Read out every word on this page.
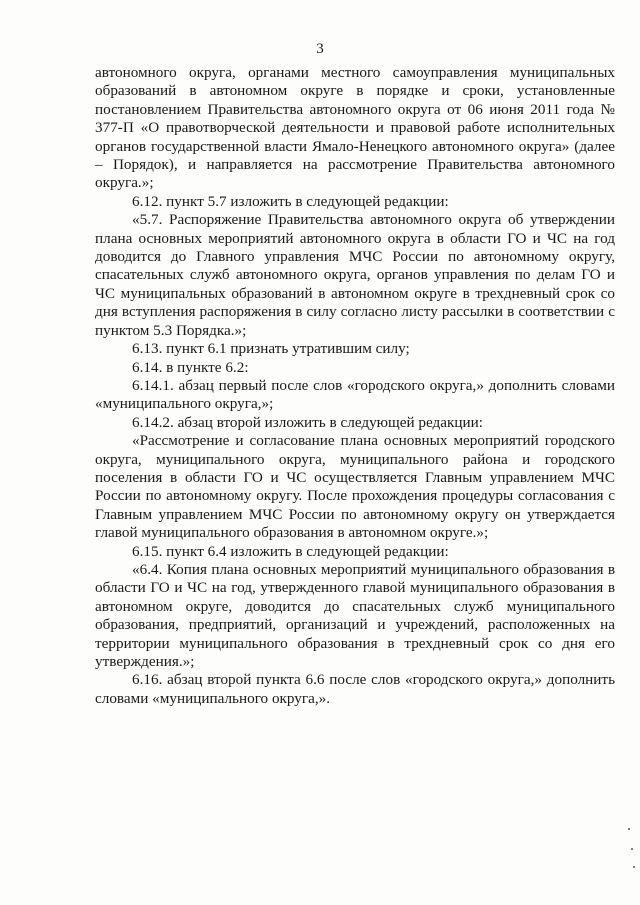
3

автономного округа, органами местного самоуправления муниципальных образований в автономном округе в порядке и сроки, установленные постановлением Правительства автономного округа от 06 июня 2011 года № 377-П «О правотворческой деятельности и правовой работе исполнительных органов государственной власти Ямало-Ненецкого автономного округа» (далее – Порядок), и направляется на рассмотрение Правительства автономного округа.»;

6.12. пункт 5.7 изложить в следующей редакции:

«5.7. Распоряжение Правительства автономного округа об утверждении плана основных мероприятий автономного округа в области ГО и ЧС на год доводится до Главного управления МЧС России по автономному округу, спасательных служб автономного округа, органов управления по делам ГО и ЧС муниципальных образований в автономном округе в трехдневный срок со дня вступления распоряжения в силу согласно листу рассылки в соответствии с пунктом 5.3 Порядка.»;

6.13. пункт 6.1 признать утратившим силу;

6.14. в пункте 6.2:

6.14.1. абзац первый после слов «городского округа,» дополнить словами «муниципального округа,»;

6.14.2. абзац второй изложить в следующей редакции:

«Рассмотрение и согласование плана основных мероприятий городского округа, муниципального округа, муниципального района и городского поселения в области ГО и ЧС осуществляется Главным управлением МЧС России по автономному округу. После прохождения процедуры согласования с Главным управлением МЧС России по автономному округу он утверждается главой муниципального образования в автономном округе.»;

6.15. пункт 6.4 изложить в следующей редакции:

«6.4. Копия плана основных мероприятий муниципального образования в области ГО и ЧС на год, утвержденного главой муниципального образования в автономном округе, доводится до спасательных служб муниципального образования, предприятий, организаций и учреждений, расположенных на территории муниципального образования в трехдневный срок со дня его утверждения.»;

6.16. абзац второй пункта 6.6 после слов «городского округа,» дополнить словами «муниципального округа,».
